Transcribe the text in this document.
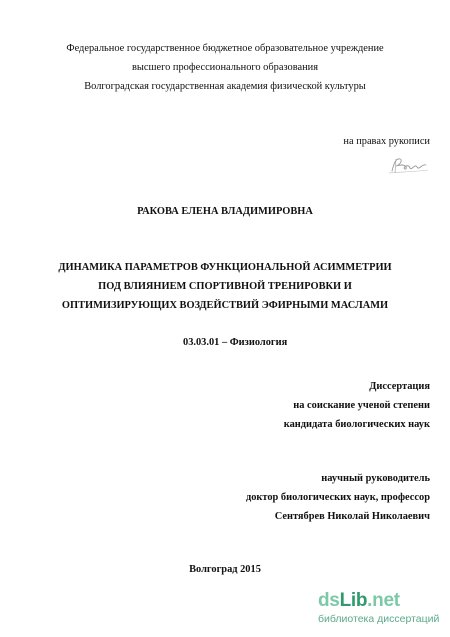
Федеральное государственное бюджетное образовательное учреждение
высшего профессионального образования
Волгоградская государственная академия физической культуры
на правах рукописи
РАКОВА ЕЛЕНА ВЛАДИМИРОВНА
ДИНАМИКА ПАРАМЕТРОВ ФУНКЦИОНАЛЬНОЙ АСИММЕТРИИ
ПОД ВЛИЯНИЕМ СПОРТИВНОЙ ТРЕНИРОВКИ И
ОПТИМИЗИРУЮЩИХ ВОЗДЕЙСТВИЙ ЭФИРНЫМИ МАСЛАМИ
03.03.01 – Физиология
Диссертация
на соискание ученой степени
кандидата биологических наук
научный руководитель
доктор биологических наук, профессор
Сентябрев Николай Николаевич
Волгоград 2015
ds Lib .net
библиотека диссертаций
